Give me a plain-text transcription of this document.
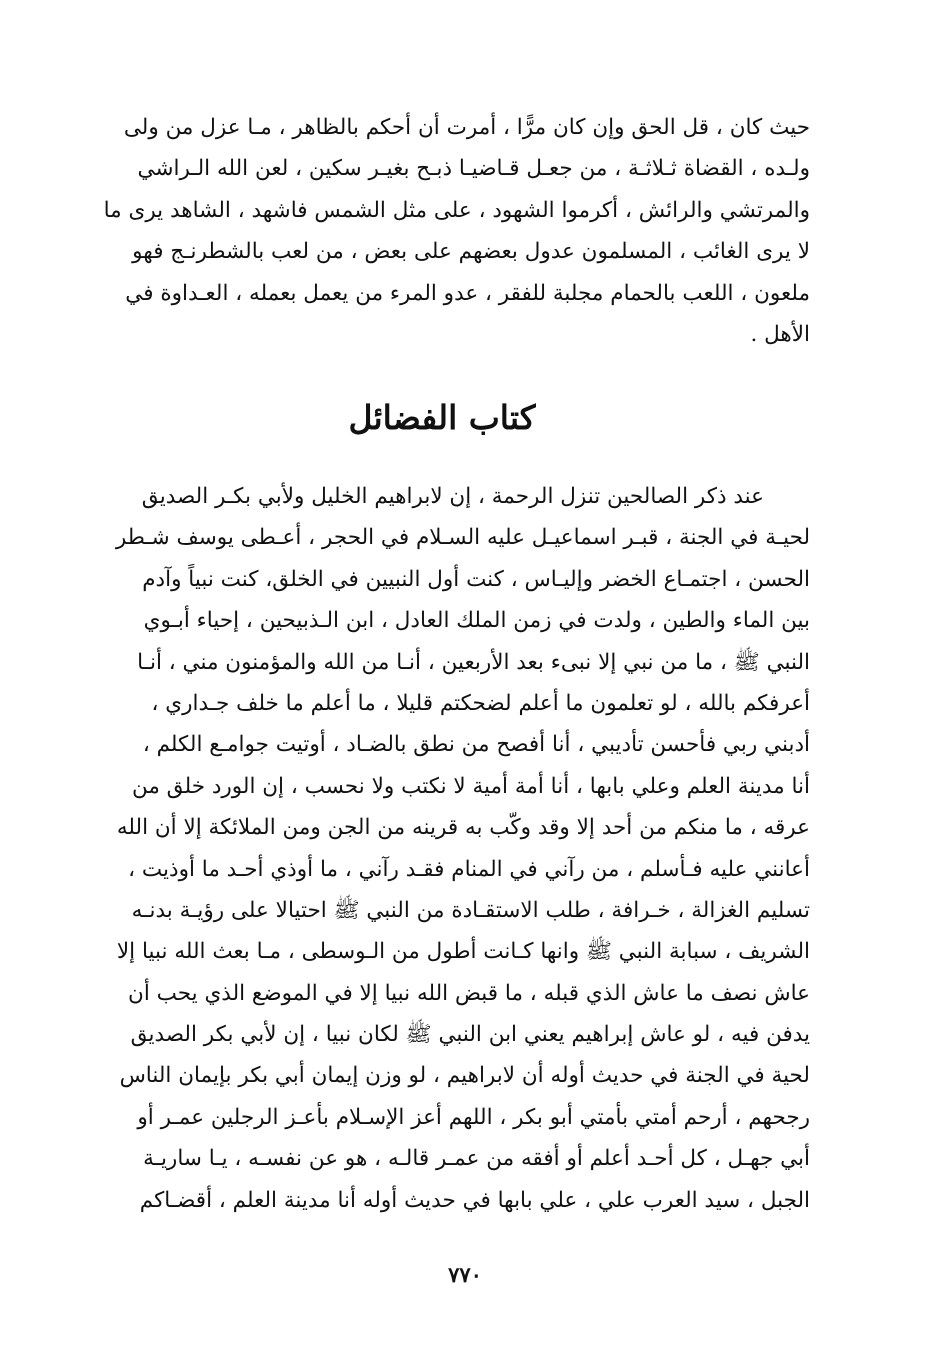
حيث كان ، قل الحق وإن كان مرًّا ، أمرت أن أحكم بالظاهر ، مـا عزل من ولى
ولـده ، القضاة ثـلاثـة ، من جعـل قـاضيـا ذبـح بغيـر سكين ، لعن الله الـراشي
والمرتشي والرائش ، أكرموا الشهود ، على مثل الشمس فاشهد ، الشاهد يرى ما
لا يرى الغائب ، المسلمون عدول بعضهم على بعض ، من لعب بالشطرنـج فهو
ملعون ، اللعب بالحمام مجلبة للفقر ، عدو المرء من يعمل بعمله ، العـداوة في
الأهل .
كتاب الفضائل
عند ذكر الصالحين تنزل الرحمة ، إن لابراهيم الخليل ولأبي بكـر الصديق
لحيـة في الجنة ، قبـر اسماعيـل عليه السـلام في الحجر ، أعـطى يوسف شـطر
الحسن ، اجتمـاع الخضر وإليـاس ، كنت أول النبيين في الخلق، كنت نبياً وآدم
بين الماء والطين ، ولدت في زمن الملك العادل ، ابن الـذبيحين ، إحياء أبـوي
النبي ﷺ ، ما من نبي إلا نبىء بعد الأربعين ، أنـا من الله والمؤمنون مني ، أنـا
أعرفكم بالله ، لو تعلمون ما أعلم لضحكتم قليلا ، ما أعلم ما خلف جـداري ،
أدبني ربي فأحسن تأديبي ، أنا أفصح من نطق بالضـاد ، أوتيت جوامـع الكلم ،
أنا مدينة العلم وعلي بابها ، أنا أمة أمية لا نكتب ولا نحسب ، إن الورد خلق من
عرقه ، ما منكم من أحد إلا وقد وكّب به قرينه من الجن ومن الملائكة إلا أن الله
أعانني عليه فـأسلم ، من رآني في المنام فقـد رآني ، ما أوذي أحـد ما أوذيت ،
تسليم الغزالة ، خـرافة ، طلب الاستقـادة من النبي ﷺ احتيالا على رؤيـة بدنـه
الشريف ، سبابة النبي ﷺ وانها كـانت أطول من الـوسطى ، مـا بعث الله نبيا إلا
عاش نصف ما عاش الذي قبله ، ما قبض الله نبيا إلا في الموضع الذي يحب أن
يدفن فيه ، لو عاش إبراهيم يعني ابن النبي ﷺ لكان نبيا ، إن لأبي بكر الصديق
لحية في الجنة في حديث أوله أن لابراهيم ، لو وزن إيمان أبي بكر بإيمان الناس
رجحهم ، أرحم أمتي بأمتي أبو بكر ، اللهم أعز الإسـلام بأعـز الرجلين عمـر أو
أبي جهـل ، كل أحـد أعلم أو أفقه من عمـر قالـه ، هو عن نفسـه ، يـا ساريـة
الجبل ، سيد العرب علي ، علي بابها في حديث أوله أنا مدينة العلم ، أقضـاكم
٧٧٠
